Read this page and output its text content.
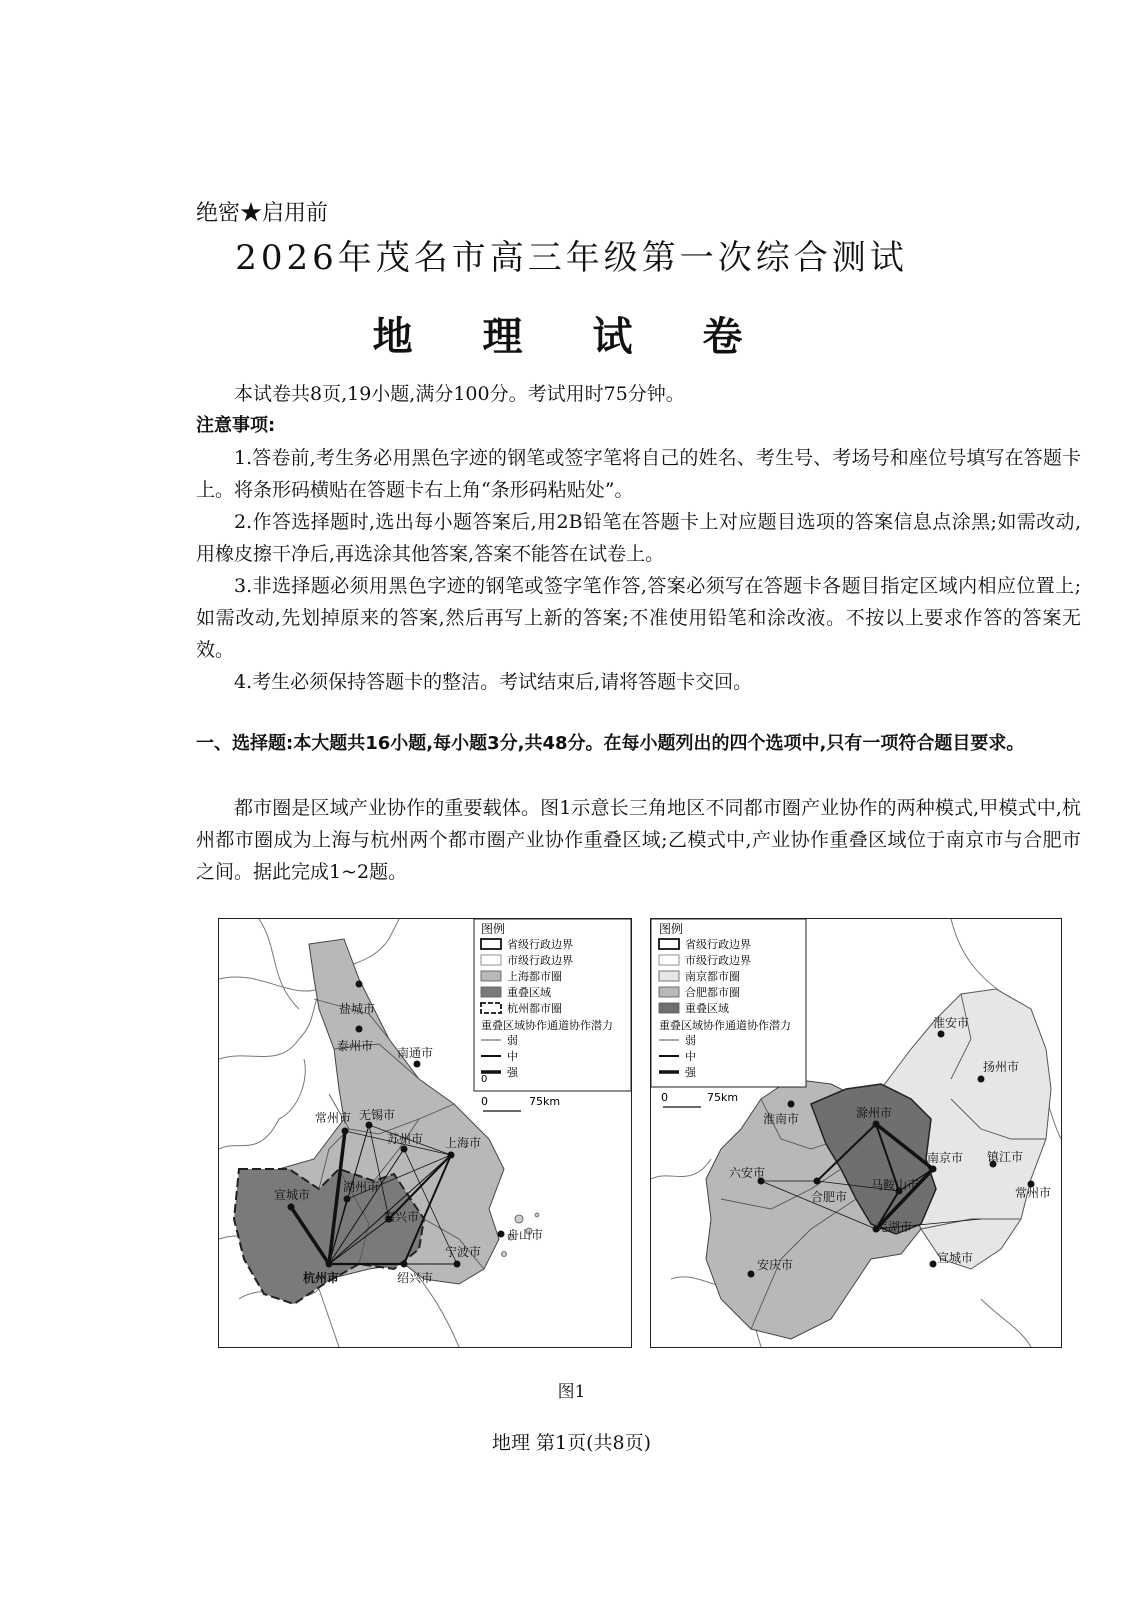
绝密★启用前
2026年茂名市高三年级第一次综合测试
地 理 试 卷

本试卷共8页,19小题,满分100分。考试用时75分钟。

注意事项:

1.答卷前,考生务必用黑色字迹的钢笔或签字笔将自己的姓名、考生号、考场号和座位号填写在答题卡上。将条形码横贴在答题卡右上角“条形码粘贴处”。

2.作答选择题时,选出每小题答案后,用2B铅笔在答题卡上对应题目选项的答案信息点涂黑;如需改动,用橡皮擦干净后,再选涂其他答案,答案不能答在试卷上。

3.非选择题必须用黑色字迹的钢笔或签字笔作答,答案必须写在答题卡各题目指定区域内相应位置上;如需改动,先划掉原来的答案,然后再写上新的答案;不准使用铅笔和涂改液。不按以上要求作答的答案无效。

4.考生必须保持答题卡的整洁。考试结束后,请将答题卡交回。

一、选择题:本大题共16小题,每小题3分,共48分。在每小题列出的四个选项中,只有一项符合题目要求。

都市圈是区域产业协作的重要载体。图1示意长三角地区不同都市圈产业协作的两种模式,甲模式中,杭州都市圈成为上海与杭州两个都市圈产业协作重叠区域;乙模式中,产业协作重叠区域位于南京市与合肥市之间。据此完成1~2题。

盐城市
泰州市 南通市
常州市 无锡市
苏州市 上海市
宣城市
湖州市
嘉兴市
舟山市
宁波市
杭州市	绍兴市
图例
省级行政边界
市级行政边界
上海都市圈
重叠区域
杭州都市圈
重叠区域协作通道协作潜力
弱
中
强
0
0	75km
淮安市
扬州市
淮南市	滁州市
南京市 镇江市
常州市
六安市
合肥市
马鞍山市
芜湖市
安庆市	宣城市
图例
省级行政边界
市级行政边界
南京都市圈
合肥都市圈
重叠区域
重叠区域协作通道协作潜力
弱
中
强
0	75km
图1
地理 第1页(共8页)
